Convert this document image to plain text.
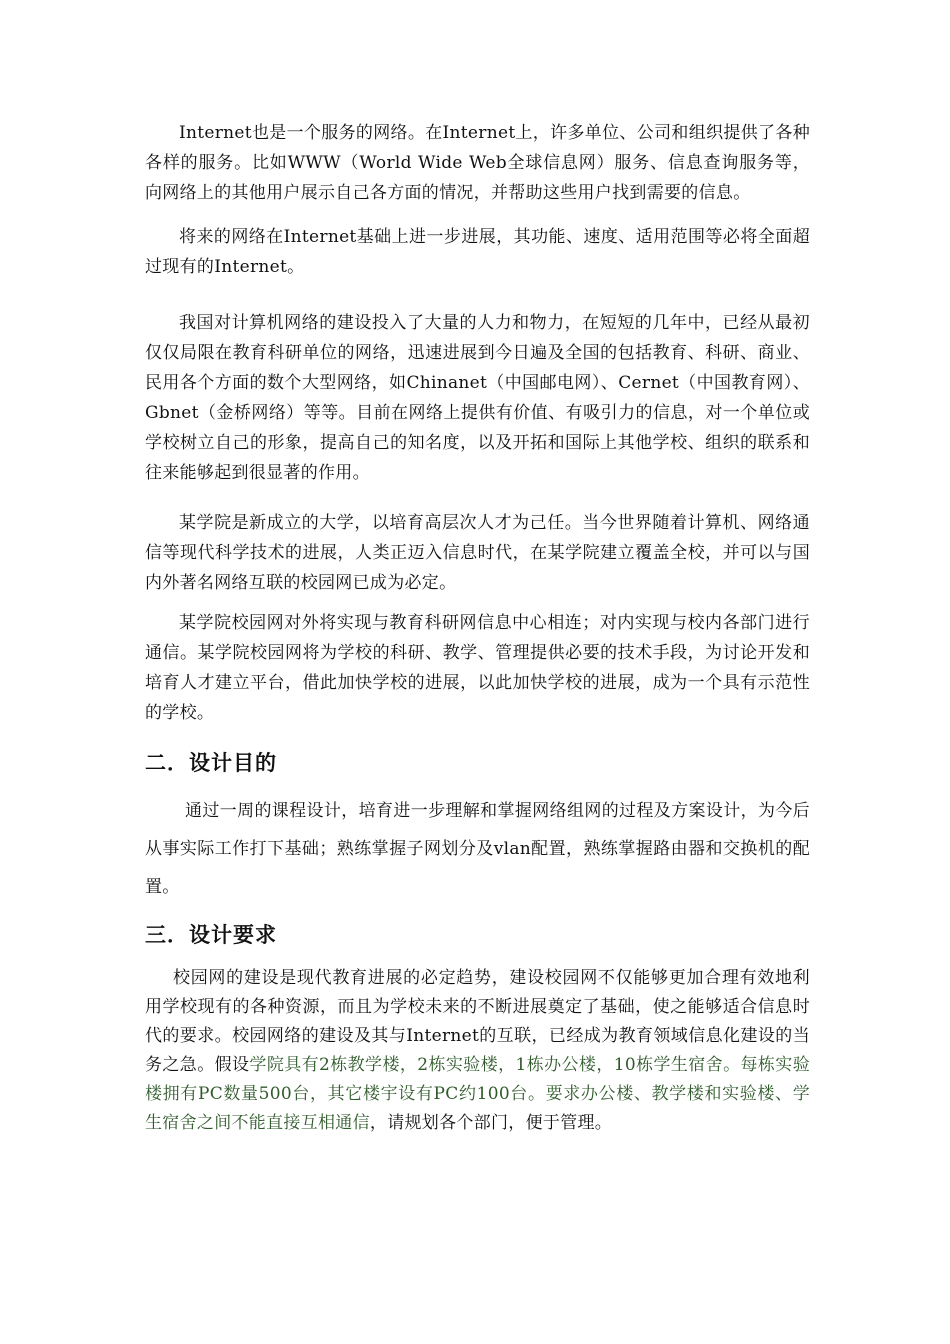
Internet也是一个服务的网络。在Internet上，许多单位、公司和组织提供了各种各样的服务。比如WWW（World Wide Web全球信息网）服务、信息查询服务等，向网络上的其他用户展示自己各方面的情况，并帮助这些用户找到需要的信息。

将来的网络在Internet基础上进一步进展，其功能、速度、适用范围等必将全面超过现有的Internet。

我国对计算机网络的建设投入了大量的人力和物力，在短短的几年中，已经从最初仅仅局限在教育科研单位的网络，迅速进展到今日遍及全国的包括教育、科研、商业、民用各个方面的数个大型网络，如Chinanet（中国邮电网）、Cernet（中国教育网）、Gbnet（金桥网络）等等。目前在网络上提供有价值、有吸引力的信息，对一个单位或学校树立自己的形象，提高自己的知名度，以及开拓和国际上其他学校、组织的联系和往来能够起到很显著的作用。

某学院是新成立的大学，以培育高层次人才为己任。当今世界随着计算机、网络通信等现代科学技术的进展，人类正迈入信息时代，在某学院建立覆盖全校，并可以与国内外著名网络互联的校园网已成为必定。

某学院校园网对外将实现与教育科研网信息中心相连；对内实现与校内各部门进行通信。某学院校园网将为学校的科研、教学、管理提供必要的技术手段，为讨论开发和培育人才建立平台，借此加快学校的进展，以此加快学校的进展，成为一个具有示范性的学校。

二．设计目的

通过一周的课程设计，培育进一步理解和掌握网络组网的过程及方案设计，为今后从事实际工作打下基础；熟练掌握子网划分及vlan配置，熟练掌握路由器和交换机的配置。

三．设计要求

校园网的建设是现代教育进展的必定趋势，建设校园网不仅能够更加合理有效地利用学校现有的各种资源，而且为学校未来的不断进展奠定了基础，使之能够适合信息时代的要求。校园网络的建设及其与Internet的互联，已经成为教育领域信息化建设的当务之急。假设学院具有2栋教学楼，2栋实验楼，1栋办公楼，10栋学生宿舍。每栋实验楼拥有PC数量500台，其它楼宇设有PC约100台。要求办公楼、教学楼和实验楼、学生宿舍之间不能直接互相通信，请规划各个部门，便于管理。
